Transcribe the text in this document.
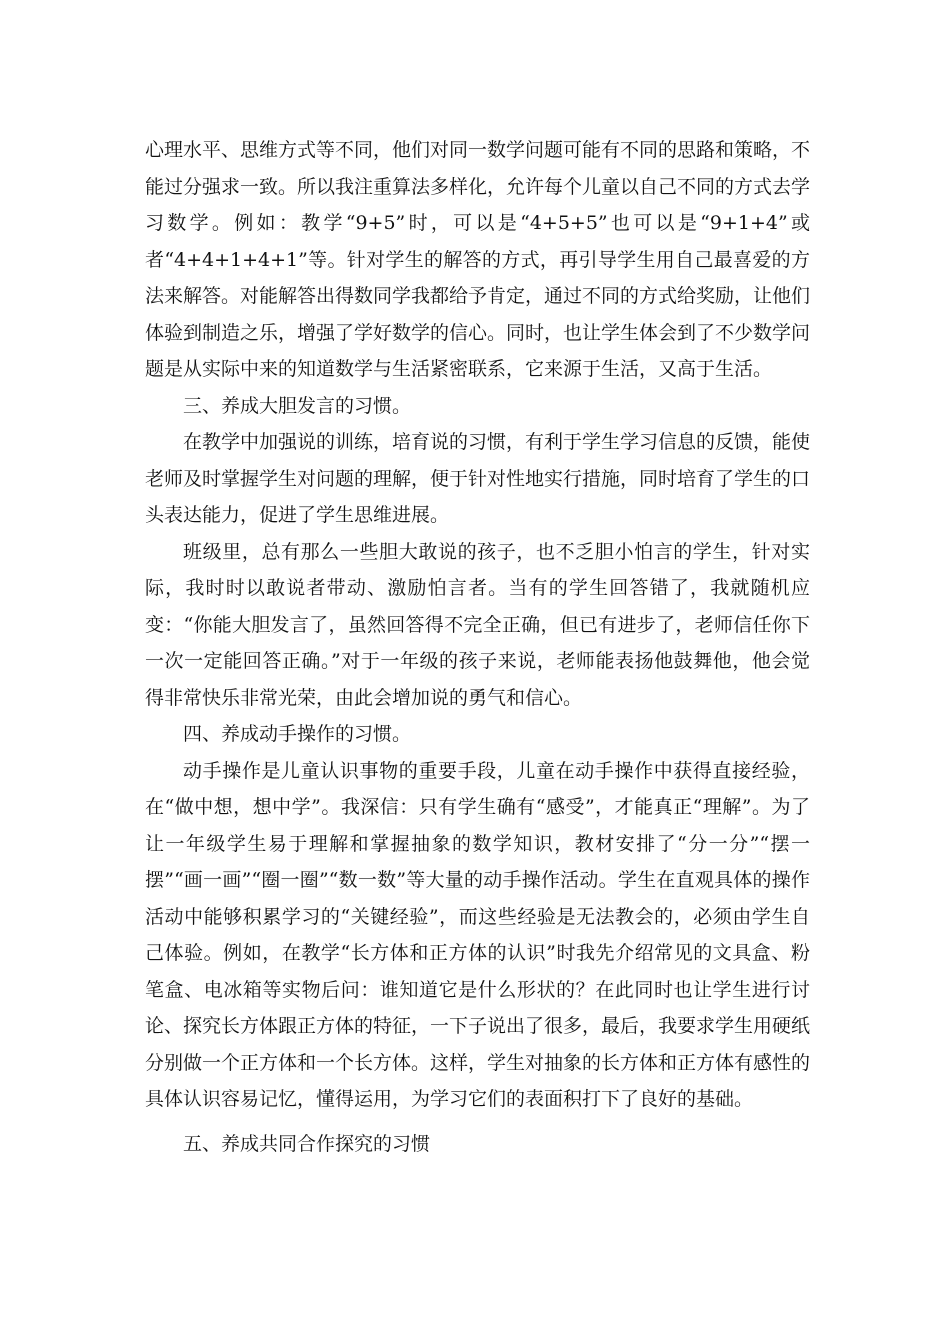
心理水平、思维方式等不同，他们对同一数学问题可能有不同的思路和策略，不能过分强求一致。所以我注重算法多样化，允许每个儿童以自己不同的方式去学习数学。例如：教学“9+5”时，可以是“4+5+5”也可以是“9+1+4”或者“4+4+1+4+1”等。针对学生的解答的方式，再引导学生用自己最喜爱的方法来解答。对能解答出得数同学我都给予肯定，通过不同的方式给奖励，让他们体验到制造之乐，增强了学好数学的信心。同时，也让学生体会到了不少数学问题是从实际中来的知道数学与生活紧密联系，它来源于生活，又高于生活。

三、养成大胆发言的习惯。

在教学中加强说的训练，培育说的习惯，有利于学生学习信息的反馈，能使老师及时掌握学生对问题的理解，便于针对性地实行措施，同时培育了学生的口头表达能力，促进了学生思维进展。

班级里，总有那么一些胆大敢说的孩子，也不乏胆小怕言的学生，针对实际，我时时以敢说者带动、激励怕言者。当有的学生回答错了，我就随机应变：“你能大胆发言了，虽然回答得不完全正确，但已有进步了，老师信任你下一次一定能回答正确。”对于一年级的孩子来说，老师能表扬他鼓舞他，他会觉得非常快乐非常光荣，由此会增加说的勇气和信心。

四、养成动手操作的习惯。

动手操作是儿童认识事物的重要手段，儿童在动手操作中获得直接经验，在“做中想，想中学”。我深信：只有学生确有“感受”，才能真正“理解”。为了让一年级学生易于理解和掌握抽象的数学知识，教材安排了“分一分”“摆一摆”“画一画”“圈一圈”“数一数”等大量的动手操作活动。学生在直观具体的操作活动中能够积累学习的“关键经验”，而这些经验是无法教会的，必须由学生自己体验。例如，在教学“长方体和正方体的认识”时我先介绍常见的文具盒、粉笔盒、电冰箱等实物后问：谁知道它是什么形状的？在此同时也让学生进行讨论、探究长方体跟正方体的特征，一下子说出了很多，最后，我要求学生用硬纸分别做一个正方体和一个长方体。这样，学生对抽象的长方体和正方体有感性的具体认识容易记忆，懂得运用，为学习它们的表面积打下了良好的基础。

五、养成共同合作探究的习惯
